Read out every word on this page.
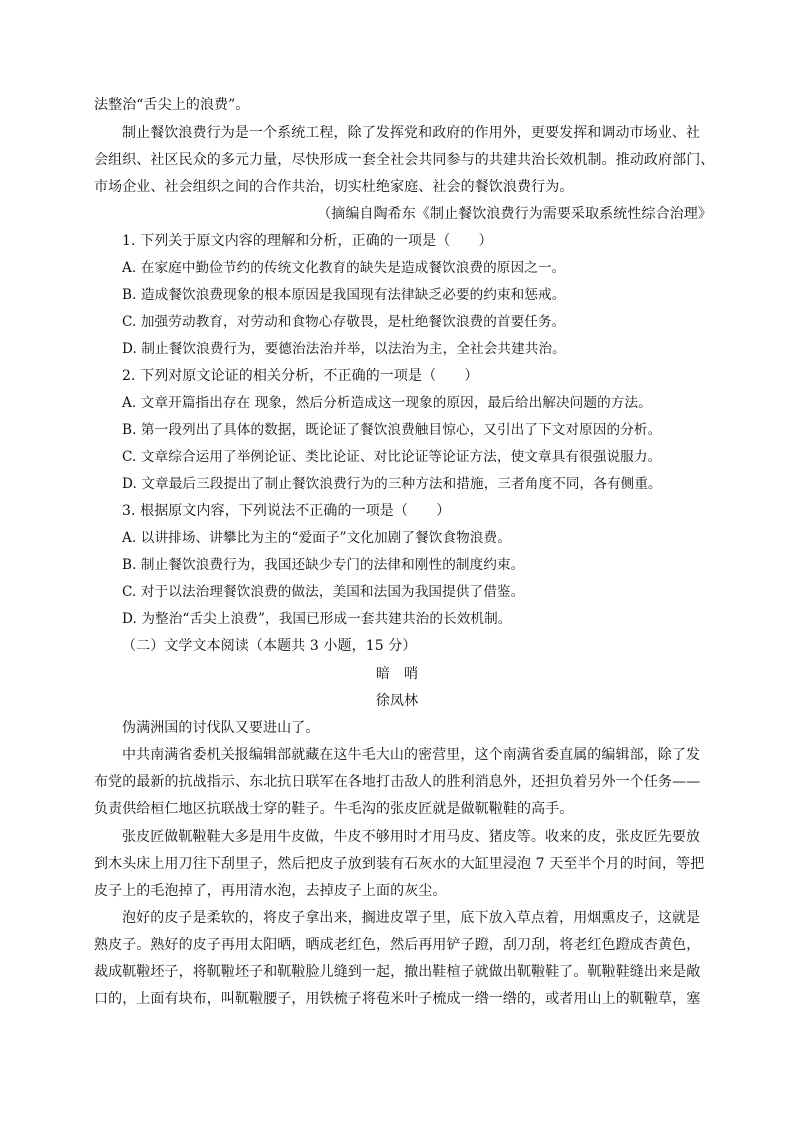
法整治“舌尖上的浪费”。
制止餐饮浪费行为是一个系统工程，除了发挥党和政府的作用外，更要发挥和调动市场业、社
会组织、社区民众的多元力量，尽快形成一套全社会共同参与的共建共治长效机制。推动政府部门、
市场企业、社会组织之间的合作共治，切实杜绝家庭、社会的餐饮浪费行为。
（摘编自陶希东《制止餐饮浪费行为需要采取系统性综合治理》
1. 下列关于原文内容的理解和分析，正确的一项是（　　）
A. 在家庭中勤俭节约的传统文化教育的缺失是造成餐饮浪费的原因之一。
B. 造成餐饮浪费现象的根本原因是我国现有法律缺乏必要的约束和惩戒。
C. 加强劳动教育，对劳动和食物心存敬畏，是杜绝餐饮浪费的首要任务。
D. 制止餐饮浪费行为，要德治法治并举，以法治为主，全社会共建共治。
2. 下列对原文论证的相关分析，不正确的一项是（　　）
A. 文章开篇指出存在 现象，然后分析造成这一现象的原因，最后给出解决问题的方法。
B. 第一段列出了具体的数据，既论证了餐饮浪费触目惊心，又引出了下文对原因的分析。
C. 文章综合运用了举例论证、类比论证、对比论证等论证方法，使文章具有很强说服力。
D. 文章最后三段提出了制止餐饮浪费行为的三种方法和措施，三者角度不同，各有侧重。
3. 根据原文内容，下列说法不正确的一项是（　　）
A. 以讲排场、讲攀比为主的“爱面子”文化加剧了餐饮食物浪费。
B. 制止餐饮浪费行为，我国还缺少专门的法律和刚性的制度约束。
C. 对于以法治理餐饮浪费的做法，美国和法国为我国提供了借鉴。
D. 为整治“舌尖上浪费”，我国已形成一套共建共治的长效机制。
（二）文学文本阅读（本题共 3 小题，15 分）
暗　哨
徐凤林
伪满洲国的讨伐队又要进山了。
中共南满省委机关报编辑部就藏在这牛毛大山的密营里，这个南满省委直属的编辑部，除了发
布党的最新的抗战指示、东北抗日联军在各地打击敌人的胜利消息外，还担负着另外一个任务——
负责供给桓仁地区抗联战士穿的鞋子。牛毛沟的张皮匠就是做靰鞡鞋的高手。
张皮匠做靰鞡鞋大多是用牛皮做，牛皮不够用时才用马皮、猪皮等。收来的皮，张皮匠先要放
到木头床上用刀往下刮里子，然后把皮子放到装有石灰水的大缸里浸泡 7 天至半个月的时间，等把
皮子上的毛泡掉了，再用清水泡，去掉皮子上面的灰尘。
泡好的皮子是柔软的，将皮子拿出来，搁进皮罩子里，底下放入草点着，用烟熏皮子，这就是
熟皮子。熟好的皮子再用太阳晒，晒成老红色，然后再用铲子蹬，刮刀刮，将老红色蹬成杏黄色，
裁成靰鞡坯子，将靰鞡坯子和靰鞡脸儿缝到一起，撤出鞋楦子就做出靰鞡鞋了。靰鞡鞋缝出来是敞
口的，上面有块布，叫靰鞡腰子，用铁梳子将苞米叶子梳成一绺一绺的，或者用山上的靰鞡草，塞
